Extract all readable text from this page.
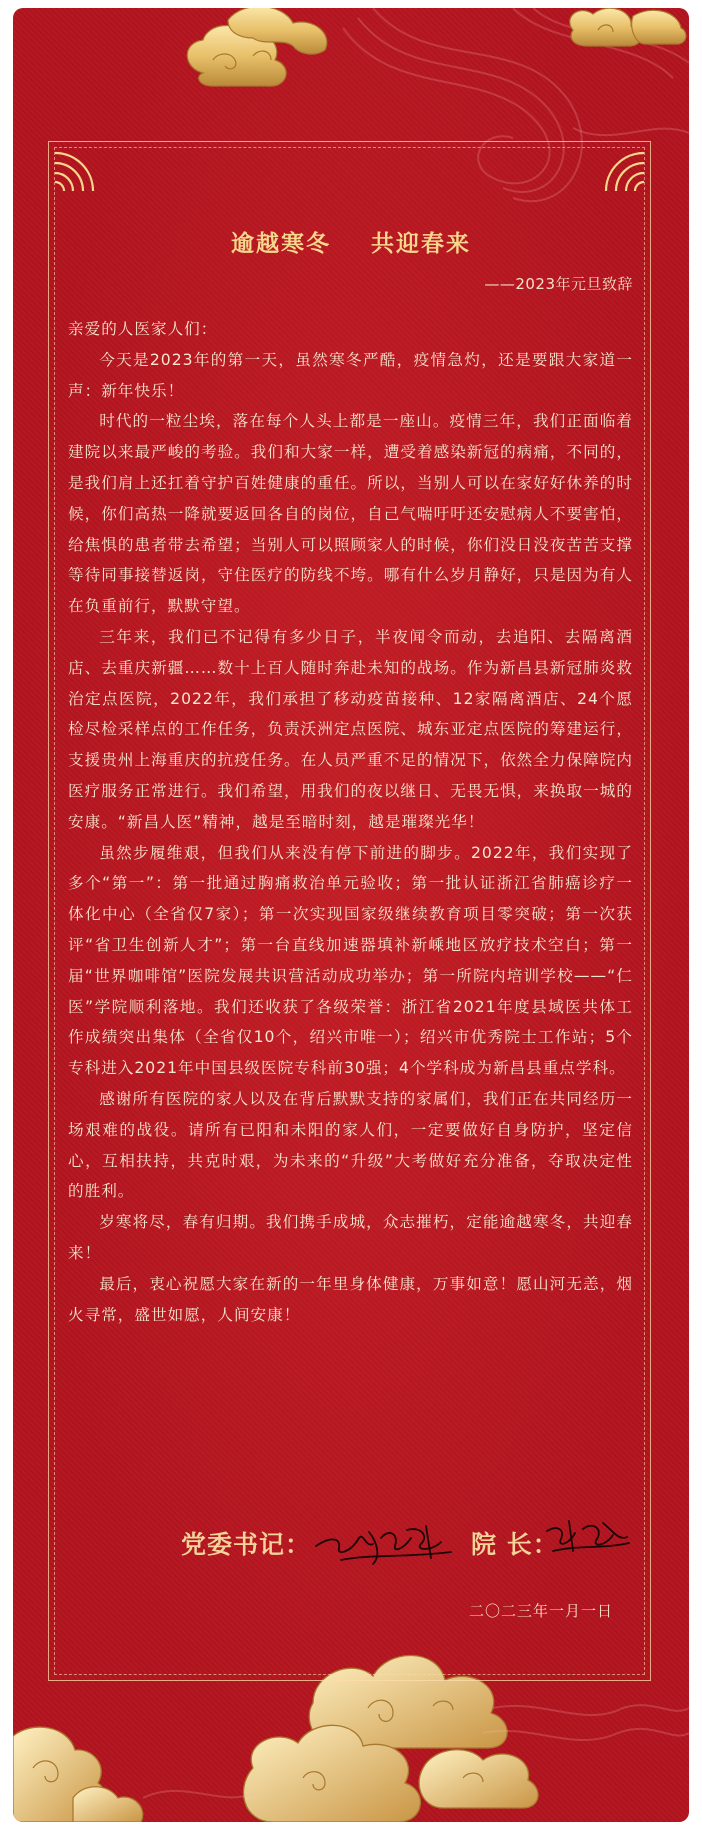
逾越寒冬    共迎春来
——2023年元旦致辞

亲爱的人医家人们：

今天是2023年的第一天，虽然寒冬严酷，疫情急灼，还是要跟大家道一声：新年快乐！

时代的一粒尘埃，落在每个人头上都是一座山。疫情三年，我们正面临着建院以来最严峻的考验。我们和大家一样，遭受着感染新冠的病痛，不同的，是我们肩上还扛着守护百姓健康的重任。所以，当别人可以在家好好休养的时候，你们高热一降就要返回各自的岗位，自己气喘吁吁还安慰病人不要害怕，给焦惧的患者带去希望；当别人可以照顾家人的时候，你们没日没夜苦苦支撑等待同事接替返岗，守住医疗的防线不垮。哪有什么岁月静好，只是因为有人在负重前行，默默守望。

三年来，我们已不记得有多少日子，半夜闻令而动，去追阳、去隔离酒店、去重庆新疆……数十上百人随时奔赴未知的战场。作为新昌县新冠肺炎救治定点医院，2022年，我们承担了移动疫苗接种、12家隔离酒店、24个愿检尽检采样点的工作任务，负责沃洲定点医院、城东亚定点医院的筹建运行，支援贵州上海重庆的抗疫任务。在人员严重不足的情况下，依然全力保障院内医疗服务正常进行。我们希望，用我们的夜以继日、无畏无惧，来换取一城的安康。“新昌人医”精神，越是至暗时刻，越是璀璨光华！

虽然步履维艰，但我们从来没有停下前进的脚步。2022年，我们实现了多个“第一”：第一批通过胸痛救治单元验收；第一批认证浙江省肺癌诊疗一体化中心（全省仅7家）；第一次实现国家级继续教育项目零突破；第一次获评“省卫生创新人才”；第一台直线加速器填补新嵊地区放疗技术空白；第一届“世界咖啡馆”医院发展共识营活动成功举办；第一所院内培训学校——“仁医”学院顺利落地。我们还收获了各级荣誉：浙江省2021年度县域医共体工作成绩突出集体（全省仅10个，绍兴市唯一）；绍兴市优秀院士工作站；5个专科进入2021年中国县级医院专科前30强；4个学科成为新昌县重点学科。

感谢所有医院的家人以及在背后默默支持的家属们，我们正在共同经历一场艰难的战役。请所有已阳和未阳的家人们，一定要做好自身防护，坚定信心，互相扶持，共克时艰，为未来的“升级”大考做好充分准备，夺取决定性的胜利。

岁寒将尽，春有归期。我们携手成城，众志摧朽，定能逾越寒冬，共迎春来！

最后，衷心祝愿大家在新的一年里身体健康，万事如意！愿山河无恙，烟火寻常，盛世如愿，人间安康！

党委书记：	院 长：
二〇二三年一月一日
